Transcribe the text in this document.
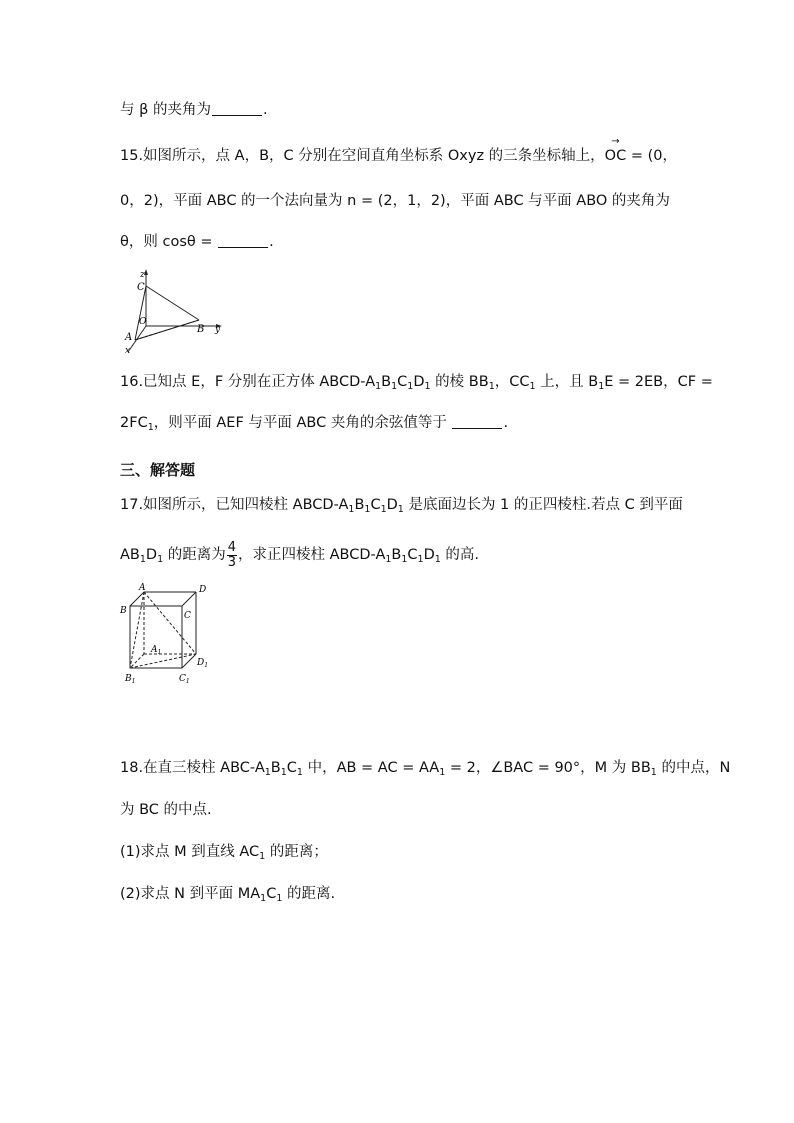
与 β 的夹角为	.
15.如图所示，点 A，B，C 分别在空间直角坐标系 Oxyz 的三条坐标轴上，
→
OC = (0，
0，2)，平面 ABC 的一个法向量为 n = (2，1，2)，平面 ABC 与平面 ABO 的夹角为
θ，则 cosθ =	.
z
C
O
B y
A
x
16.已知点 E，F 分别在正方体 ABCD-$A_1B_1C_1D_1$ 的棱 $BB_1$，$CC_1$ 上，且 $B_1E = 2EB$，CF =
$2FC_1$，则平面 AEF 与平面 ABC 夹角的余弦值等于	.
三、解答题
17.如图所示，已知四棱柱 ABCD-$A_1B_1C_1D_1$ 是底面边长为 1 的正四棱柱.若点 C 到平面
$AB_1D_1$ 的距离为 $\frac{4}{3}$ ，求正四棱柱 ABCD-$A_1B_1C_1D_1$ 的高.
A	D
B	C
$A_1$
$D_1$
$B_1$	$C_1$
18.在直三棱柱 ABC-$A_1B_1C_1$ 中，AB = AC = $AA_1 = 2$，∠BAC = 90°，M 为 $BB_1$ 的中点，N
为 BC 的中点.
(1)求点 M 到直线 $AC_1$ 的距离；
(2)求点 N 到平面 $MA_1C_1$ 的距离.
